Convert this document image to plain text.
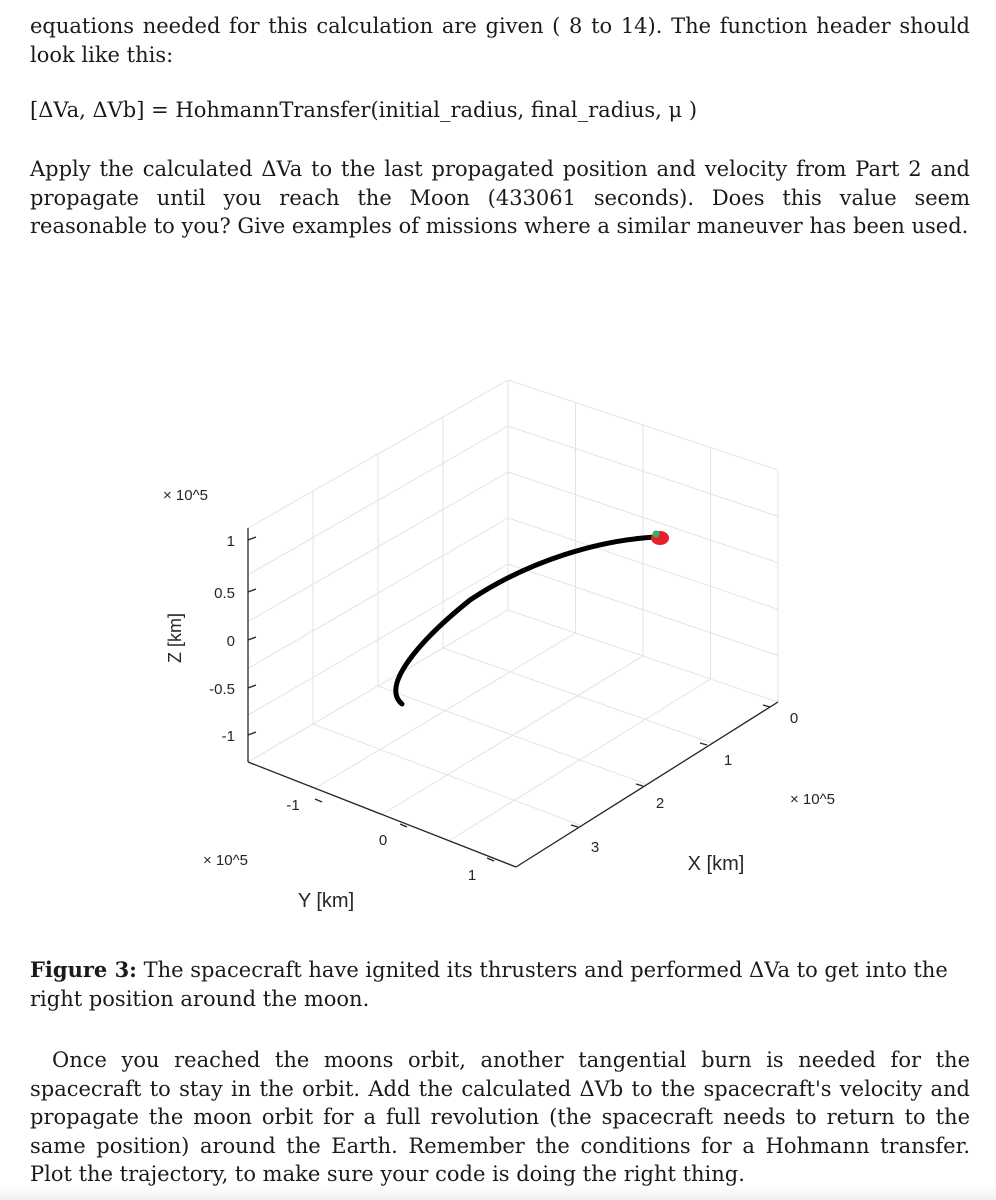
equations needed for this calculation are given ( 8 to 14). The function header should look like this:

[ΔVa, ΔVb] = HohmannTransfer(initial_radius, final_radius, μ )

Apply the calculated ΔVa to the last propagated position and velocity from Part 2 and propagate until you reach the Moon (433061 seconds). Does this value seem reasonable to you? Give examples of missions where a similar maneuver has been used.

1
0.5
0
-0.5
-1
-1
0
1
0
1
2
3
× 10^5
× 10^5
× 10^5
Z [km]
Y [km]
X [km]

Figure 3: The spacecraft have ignited its thrusters and performed ΔVa to get into the right position around the moon.

Once you reached the moons orbit, another tangential burn is needed for the spacecraft to stay in the orbit. Add the calculated ΔVb to the spacecraft's velocity and propagate the moon orbit for a full revolution (the spacecraft needs to return to the same position) around the Earth. Remember the conditions for a Hohmann transfer. Plot the trajectory, to make sure your code is doing the right thing.
